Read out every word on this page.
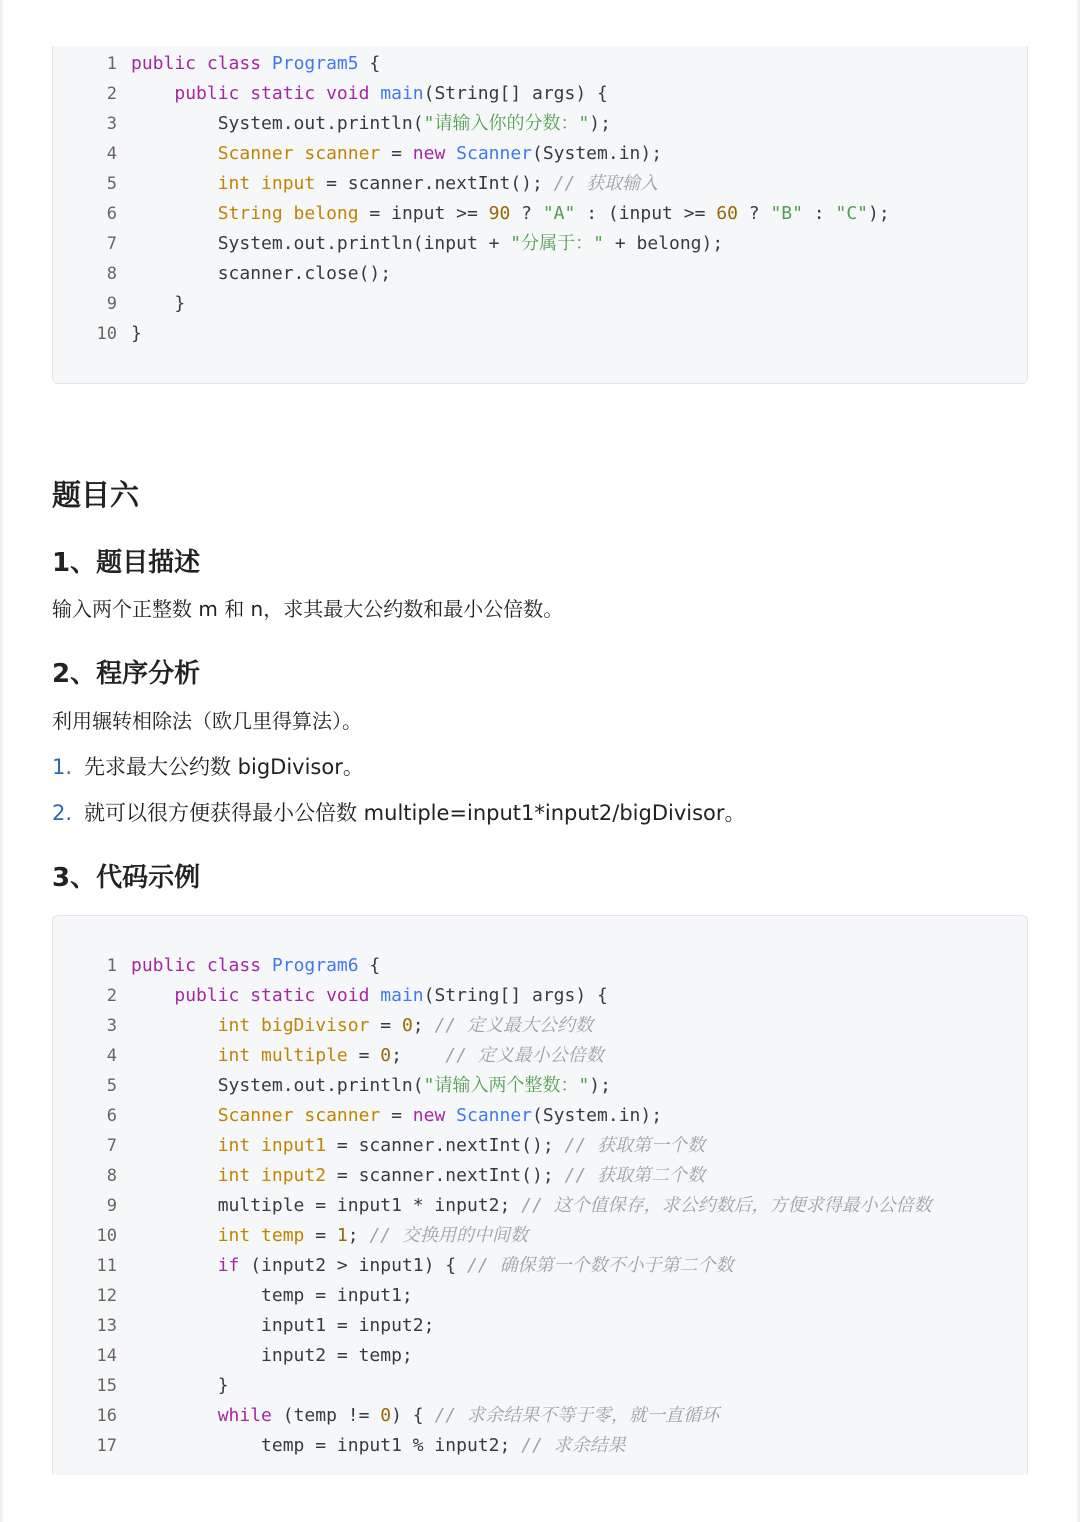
1 public class Program5 {
2	public static void main(String[] args) {
3 System.out.println("请输入你的分数：");
4	Scanner scanner = new Scanner(System.in);
5	int input = scanner.nextInt(); // 获取输入
6	String belong = input >= 90 ? "A" : (input >= 60 ? "B" : "C");
7 System.out.println(input + "分属于：" + belong);
8 scanner.close();
9 }
10 }
题目六
1、题目描述

输入两个正整数 m 和 n，求其最大公约数和最小公倍数。

2、程序分析

利用辗转相除法（欧几里得算法）。

1. 先求最大公约数 bigDivisor。
2. 就可以很方便获得最小公倍数 multiple=input1*input2/bigDivisor。
3、代码示例
1 public class Program6 {
2	public static void main(String[] args) {
3	int bigDivisor = 0; // 定义最大公约数
4	int multiple = 0;    // 定义最小公倍数
5 System.out.println("请输入两个整数：");
6	Scanner scanner = new Scanner(System.in);
7	int input1 = scanner.nextInt(); // 获取第一个数
8	int input2 = scanner.nextInt(); // 获取第二个数
9 multiple = input1 * input2; // 这个值保存，求公约数后，方便求得最小公倍数
10	int temp = 1; // 交换用的中间数
11	if (input2 > input1) { // 确保第一个数不小于第二个数
12 temp = input1;
13 input1 = input2;
14 input2 = temp;
15 }
16	while (temp != 0) { // 求余结果不等于零，就一直循环
17 temp = input1 % input2; // 求余结果
